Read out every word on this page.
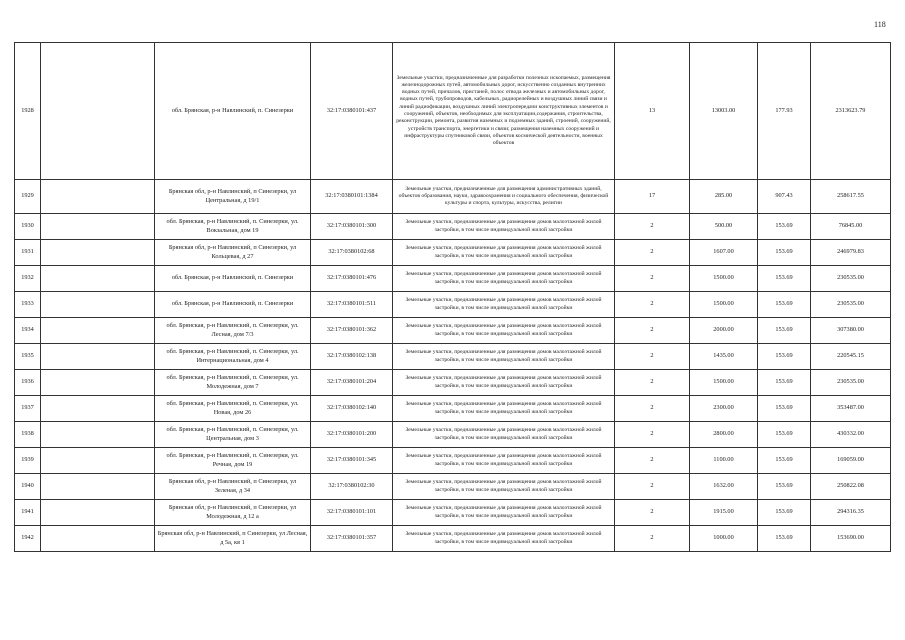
118
1928		обл. Брянская, р-н Навлинский, п. Синезерки	32:17:0380101:437	Земельные участки, предназначенные для разработки полезных ископаемых, размещения железнодорожных путей, автомобильных дорог, искусственно созданных внутренних водных путей, причалов, пристаней, полос отвода железных и автомобильных дорог, водных путей, трубопроводов, кабельных, радиорелейных и воздушных линий связи и линий радиофикации, воздушных линий электропередачи конструктивных элементов и сооружений, объектов, необходимых для эксплуатации,содержания, строительства, реконструкции, ремонта, развития наземных и подземных зданий, строений, сооружений, устройств транспорта, энергетики и связи; размещения наземных сооружений и инфраструктуры спутниковой связи, объектов космической деятельности, военных объектов	13	13003.00	177.93	2313623.79
1929		Брянская обл, р-н Навлинский, п Синезерки, ул Центральная, д 19/1	32:17:0380101:1384	Земельные участки, предназначенные для размещения административных зданий, объектов образования, науки, здравоохранения и социального обеспечения, физической культуры и спорта, культуры, искусства, религии	17	285.00	907.43	258617.55
1930		обл. Брянская, р-н Навлинский, п. Синезерки, ул. Вокзальная, дом 19	32:17:0380101:300	Земельные участки, предназначенные для размещения домов малоэтажной жилой застройки, в том числе индивидуальной жилой застройки	2	500.00	153.69	76845.00
1931		Брянская обл, р-н Навлинский, п Синезерки, ул Кольцевая, д 27	32:17:0380102:68	Земельные участки, предназначенные для размещения домов малоэтажной жилой застройки, в том числе индивидуальной жилой застройки	2	1607.00	153.69	246979.83
1932		обл. Брянская, р-н Навлинский, п. Синезерки	32:17:0380101:476	Земельные участки, предназначенные для размещения домов малоэтажной жилой застройки, в том числе индивидуальной жилой застройки	2	1500.00	153.69	230535.00
1933		обл. Брянская, р-н Навлинский, п. Синезерки	32:17:0380101:511	Земельные участки, предназначенные для размещения домов малоэтажной жилой застройки, в том числе индивидуальной жилой застройки	2	1500.00	153.69	230535.00
1934		обл. Брянская, р-н Навлинский, п. Синезерки, ул. Лесная, дом 7/3	32:17:0380101:362	Земельные участки, предназначенные для размещения домов малоэтажной жилой застройки, в том числе индивидуальной жилой застройки	2	2000.00	153.69	307380.00
1935		обл. Брянская, р-н Навлинский, п. Синезерки, ул. Интернациональная, дом 4	32:17:0380102:138	Земельные участки, предназначенные для размещения домов малоэтажной жилой застройки, в том числе индивидуальной жилой застройки	2	1435.00	153.69	220545.15
1936		обл. Брянская, р-н Навлинский, п. Синезерки, ул. Молодежная, дом 7	32:17:0380101:204	Земельные участки, предназначенные для размещения домов малоэтажной жилой застройки, в том числе индивидуальной жилой застройки	2	1500.00	153.69	230535.00
1937		обл. Брянская, р-н Навлинский, п. Синезерки, ул. Новая, дом 26	32:17:0380102:140	Земельные участки, предназначенные для размещения домов малоэтажной жилой застройки, в том числе индивидуальной жилой застройки	2	2300.00	153.69	353487.00
1938		обл. Брянская, р-н Навлинский, п. Синезерки, ул. Центральная, дом 3	32:17:0380101:200	Земельные участки, предназначенные для размещения домов малоэтажной жилой застройки, в том числе индивидуальной жилой застройки	2	2800.00	153.69	430332.00
1939		обл. Брянская, р-н Навлинский, п. Синезерки, ул. Речная, дом 19	32:17:0380101:345	Земельные участки, предназначенные для размещения домов малоэтажной жилой застройки, в том числе индивидуальной жилой застройки	2	1100.00	153.69	169059.00
1940		Брянская обл, р-н Навлинский, п Синезерки, ул Зеленая, д 34	32:17:0380102:30	Земельные участки, предназначенные для размещения домов малоэтажной жилой застройки, в том числе индивидуальной жилой застройки	2	1632.00	153.69	250822.08
1941		Брянская обл, р-н Навлинский, п Синезерки, ул Молодежная, д 12 а	32:17:0380101:101	Земельные участки, предназначенные для размещения домов малоэтажной жилой застройки, в том числе индивидуальной жилой застройки	2	1915.00	153.69	294316.35
1942		Брянская обл, р-н Навлинский, п Синезерки, ул Лесная, д 5а, кв 1	32:17:0380101:357	Земельные участки, предназначенные для размещения домов малоэтажной жилой застройки, в том числе индивидуальной жилой застройки	2	1000.00	153.69	153690.00
